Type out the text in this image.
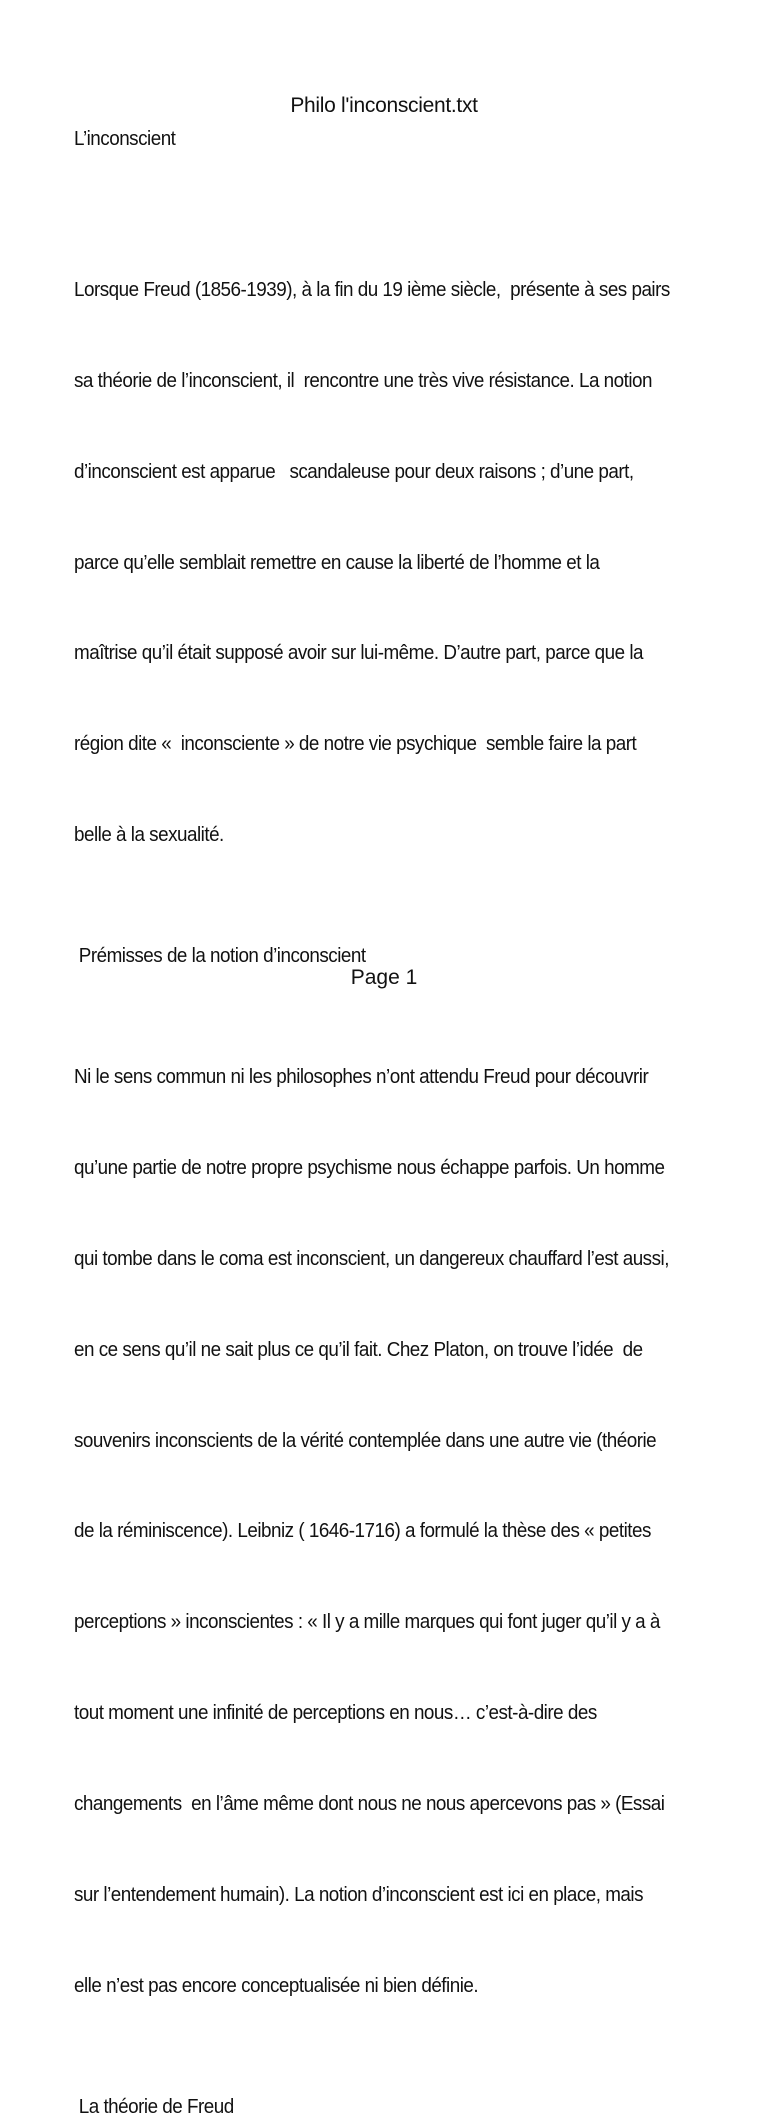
Philo l'inconscient.txt

L’inconscient

Lorsque Freud (1856-1939), à la fin du 19 ième siècle,  présente à ses pairs

sa théorie de l’inconscient, il  rencontre une très vive résistance. La notion

d’inconscient est apparue   scandaleuse pour deux raisons ; d’une part,

parce qu’elle semblait remettre en cause la liberté de l’homme et la

maîtrise qu’il était supposé avoir sur lui-même. D’autre part, parce que la

région dite «  inconsciente » de notre vie psychique  semble faire la part

belle à la sexualité.

Prémisses de la notion d’inconscient

Ni le sens commun ni les philosophes n’ont attendu Freud pour découvrir

qu’une partie de notre propre psychisme nous échappe parfois. Un homme

qui tombe dans le coma est inconscient, un dangereux chauffard l’est aussi,

en ce sens qu’il ne sait plus ce qu’il fait. Chez Platon, on trouve l’idée  de

souvenirs inconscients de la vérité contemplée dans une autre vie (théorie

de la réminiscence). Leibniz ( 1646-1716) a formulé la thèse des « petites

perceptions » inconscientes : « Il y a mille marques qui font juger qu’il y a à

tout moment une infinité de perceptions en nous… c’est-à-dire des

changements  en l’âme même dont nous ne nous apercevons pas » (Essai

sur l’entendement humain). La notion d’inconscient est ici en place, mais

elle n’est pas encore conceptualisée ni bien définie.

La théorie de Freud

Page 1
